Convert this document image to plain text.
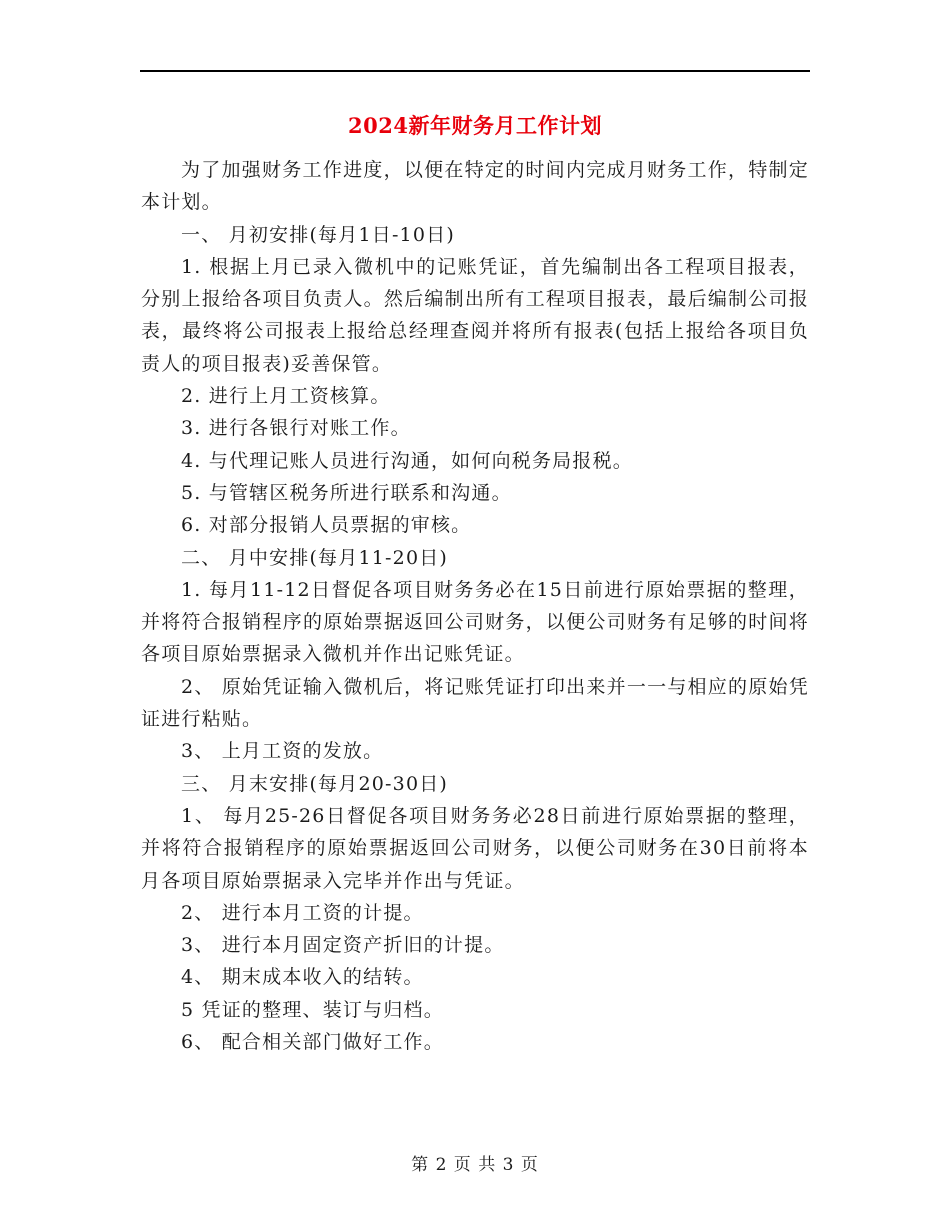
2024新年财务月工作计划

为了加强财务工作进度，以便在特定的时间内完成月财务工作，特制定本计划。

一、 月初安排(每月1日-10日)

1. 根据上月已录入微机中的记账凭证，首先编制出各工程项目报表，分别上报给各项目负责人。然后编制出所有工程项目报表，最后编制公司报表，最终将公司报表上报给总经理查阅并将所有报表(包括上报给各项目负责人的项目报表)妥善保管。

2. 进行上月工资核算。

3. 进行各银行对账工作。

4. 与代理记账人员进行沟通，如何向税务局报税。

5. 与管辖区税务所进行联系和沟通。

6. 对部分报销人员票据的审核。

二、 月中安排(每月11-20日)

1. 每月11-12日督促各项目财务务必在15日前进行原始票据的整理，并将符合报销程序的原始票据返回公司财务，以便公司财务有足够的时间将各项目原始票据录入微机并作出记账凭证。

2、 原始凭证输入微机后，将记账凭证打印出来并一一与相应的原始凭证进行粘贴。

3、 上月工资的发放。

三、 月末安排(每月20-30日)

1、 每月25-26日督促各项目财务务必28日前进行原始票据的整理，并将符合报销程序的原始票据返回公司财务，以便公司财务在30日前将本月各项目原始票据录入完毕并作出与凭证。

2、 进行本月工资的计提。

3、 进行本月固定资产折旧的计提。

4、 期末成本收入的结转。

5 凭证的整理、装订与归档。

6、 配合相关部门做好工作。

第 2 页 共 3 页
